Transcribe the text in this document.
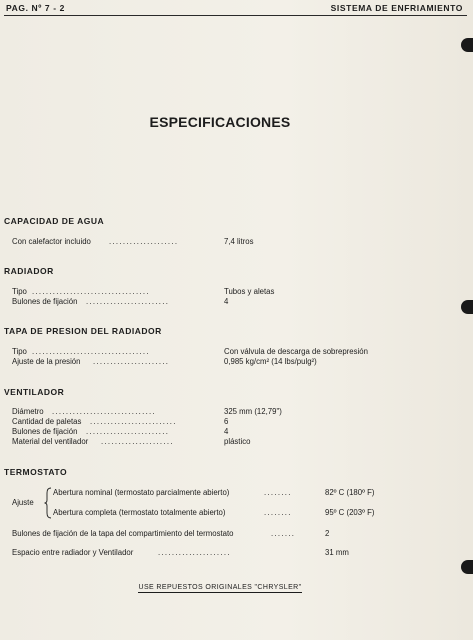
PAG. Nº 7 - 2	SISTEMA DE ENFRIAMIENTO
ESPECIFICACIONES
CAPACIDAD DE AGUA
Con calefactor incluido ....................	7,4 litros
RADIADOR
Tipo ..................................	Tubos y aletas
Bulones de fijación ........................	4
TAPA DE PRESION DEL RADIADOR
Tipo ..................................	Con válvula de descarga de sobrepresión
Ajuste de la presión ......................	0,985 kg/cm² (14 lbs/pulg²)
VENTILADOR
Diámetro ..............................	325 mm (12,79")
Cantidad de paletas .........................	6
Bulones de fijación ........................	4
Material del ventilador .....................	plástico
TERMOSTATO
Ajuste
Abertura nominal (termostato parcialmente abierto)	........	82º C (180º F)
Abertura completa (termostato totalmente abierto)	........	95º C (203º F)
Bulones de fijación de la tapa del compartimiento del termostato	.......	2
Espacio entre radiador y Ventilador	.....................	31 mm
USE REPUESTOS ORIGINALES "CHRYSLER"
